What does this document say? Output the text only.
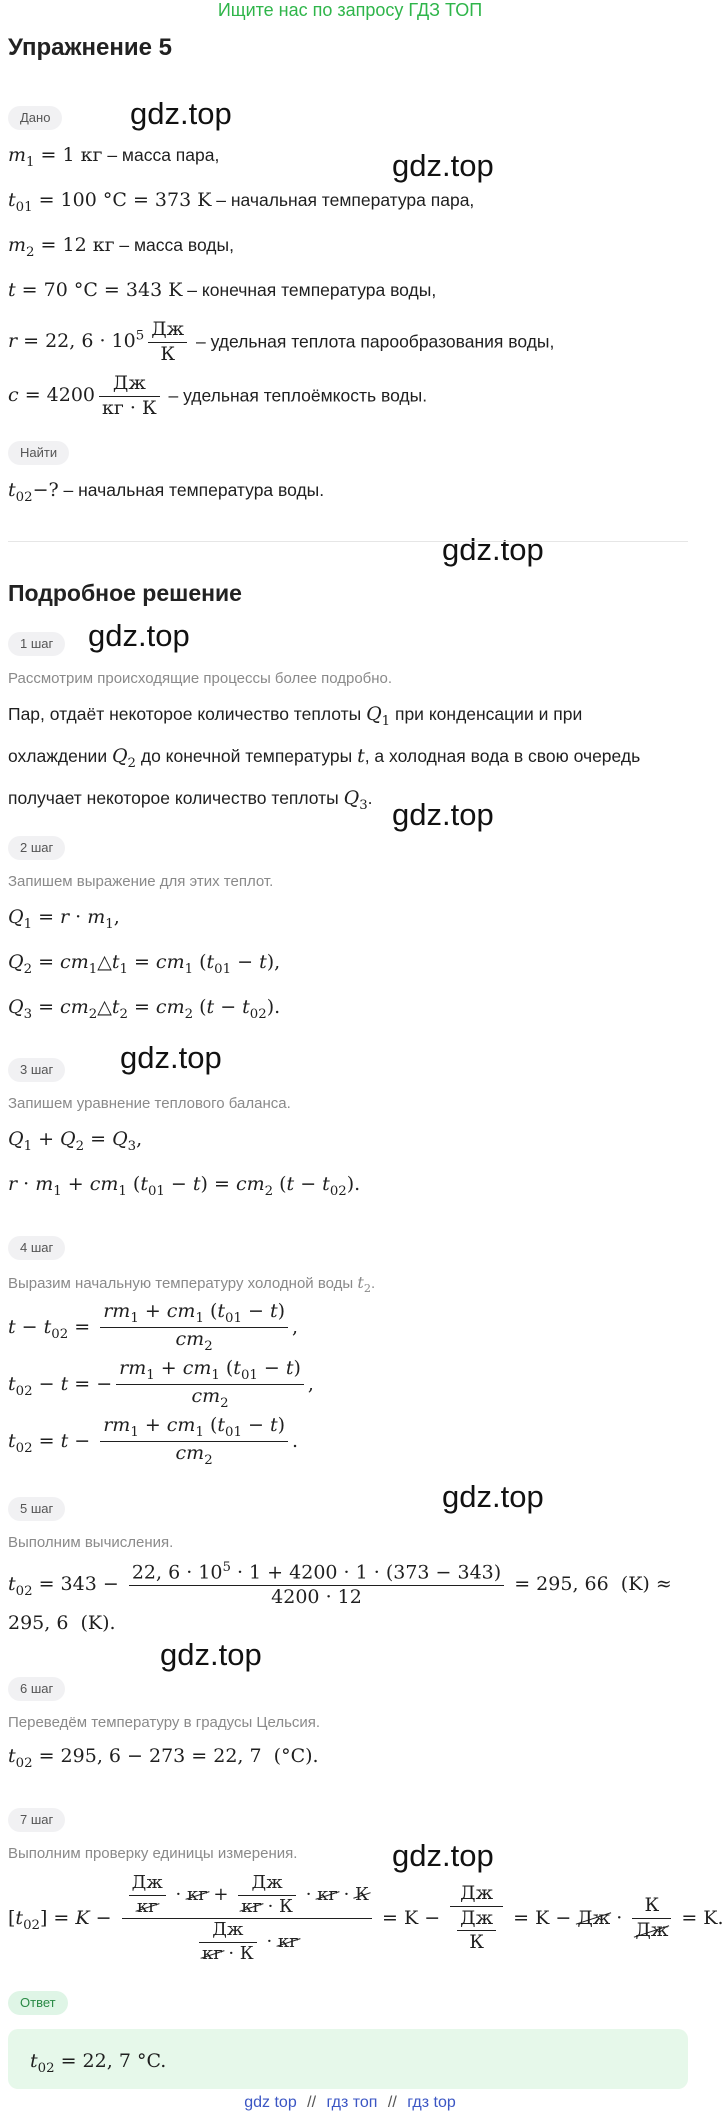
Ищите нас по запросу ГДЗ ТОП
Упражнение 5
gdz.top
gdz.top
gdz.top
gdz.top
gdz.top
gdz.top
gdz.top
gdz.top
gdz.top
Дано
$m_1 = 1$ кг – масса пара,
$t_{01} = 100$ °C = 373 K – начальная температура пара,
$m_2 = 12$ кг – масса воды,
t = 70 °C = 343 K – конечная температура воды,
r = 22, $6 \cdot 10^5 \frac{Дж}{К}$ – удельная теплота парообразования воды,
$c = 4200 \frac{Дж}{кг \cdot К}$ – удельная теплоёмкость воды.
Найти
$t_{02}-$? – начальная температура воды.
Подробное решение
1 шаг
Рассмотрим происходящие процессы более подробно.
Пар, отдаёт некоторое количество теплоты $Q_1$ при конденсации и при
охлаждении $Q_2$ до конечной температуры t, а холодная вода в свою очередь
получает некоторое количество теплоты $Q_3$.
2 шаг
Запишем выражение для этих теплот.
$Q_1 = r \cdot m_1$,
$Q_2$ = $cm_1\triangle t_1 = cm_1$ $(t_{01} - t)$,
$Q_3$ = $cm_2\triangle t_2 = cm_2$ $(t - t_{02})$.
3 шаг
Запишем уравнение теплового баланса.
$Q_1 + Q_2 = Q_3$,
$r \cdot m_1 + cm_1$ $(t_{01} - t) = cm_2$ $(t - t_{02})$.
4 шаг
Выразим начальную температуру холодной воды $t_2$.
$t - t_{02} = \frac{rm_1 + cm_1 (t_{01} - t)}{cm_2}$ ,
$t_{02} - t$ = − $\frac{rm_1 + cm_1 (t_{01} - t)}{cm_2}$ ,
$t_{02} = t - \frac{rm_1 + cm_1 (t_{01} - t)}{cm_2}$ .
5 шаг
Выполним вычисления.
$t_{02} = 343 - \frac{22, 6 \cdot 10^5 \cdot 1 + 4200 \cdot 1 \cdot (373 - 343)}{4200 \cdot 12} = 295$, 66  (K) ≈
295, 6  (K).
6 шаг
Переведём температуру в градусы Цельсия.
$t_{02} = 295$, 6 − 273 = 22, 7  (°C).
7 шаг
Выполним проверку единицы измерения.
$[t_{02}] = K - \frac{\frac{Дж}{кг} \cdot кг + \frac{Дж}{кг \cdot К} \cdot кг \cdot К}{\frac{Дж}{кг \cdot К} \cdot кг} = K - \frac{Дж}{\frac{Дж}{К}} = K$ − Дж · $\frac{К}{Дж} = K$.
Ответ
$t_{02} = 22$, 7 °C.
gdz top // гдз топ // гдз top
